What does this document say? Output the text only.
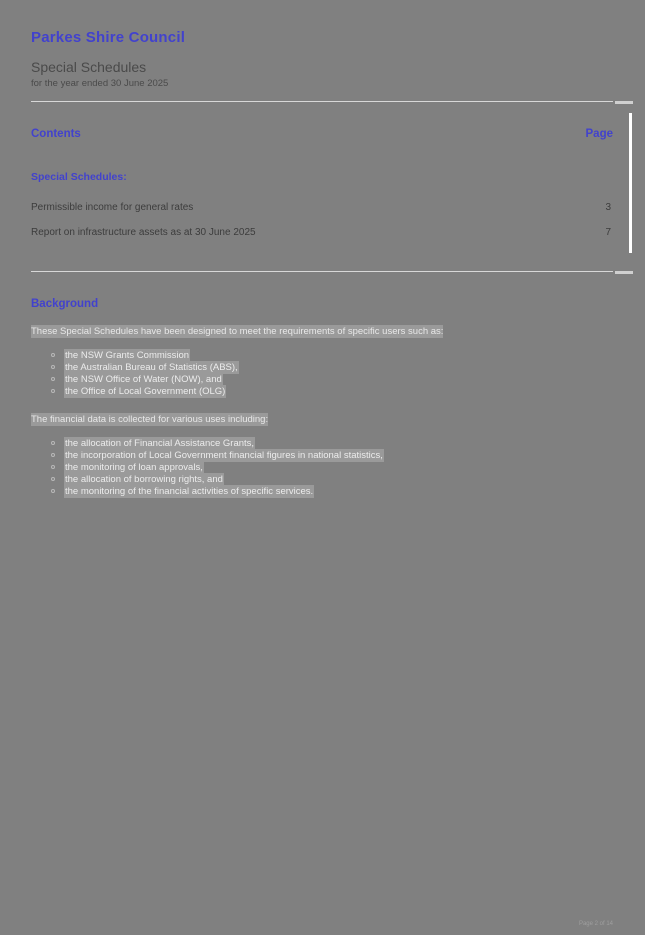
Parkes Shire Council
Special Schedules
for the year ended 30 June 2025
Contents	Page
Special Schedules:
Permissible income for general rates	3
Report on infrastructure assets as at 30 June 2025	7
Background
These Special Schedules have been designed to meet the requirements of specific users such as:
the NSW Grants Commission
the Australian Bureau of Statistics (ABS),
the NSW Office of Water (NOW), and
the Office of Local Government (OLG)
The financial data is collected for various uses including:
the allocation of Financial Assistance Grants,
the incorporation of Local Government financial figures in national statistics,
the monitoring of loan approvals,
the allocation of borrowing rights, and
the monitoring of the financial activities of specific services.
Page 2 of 14
